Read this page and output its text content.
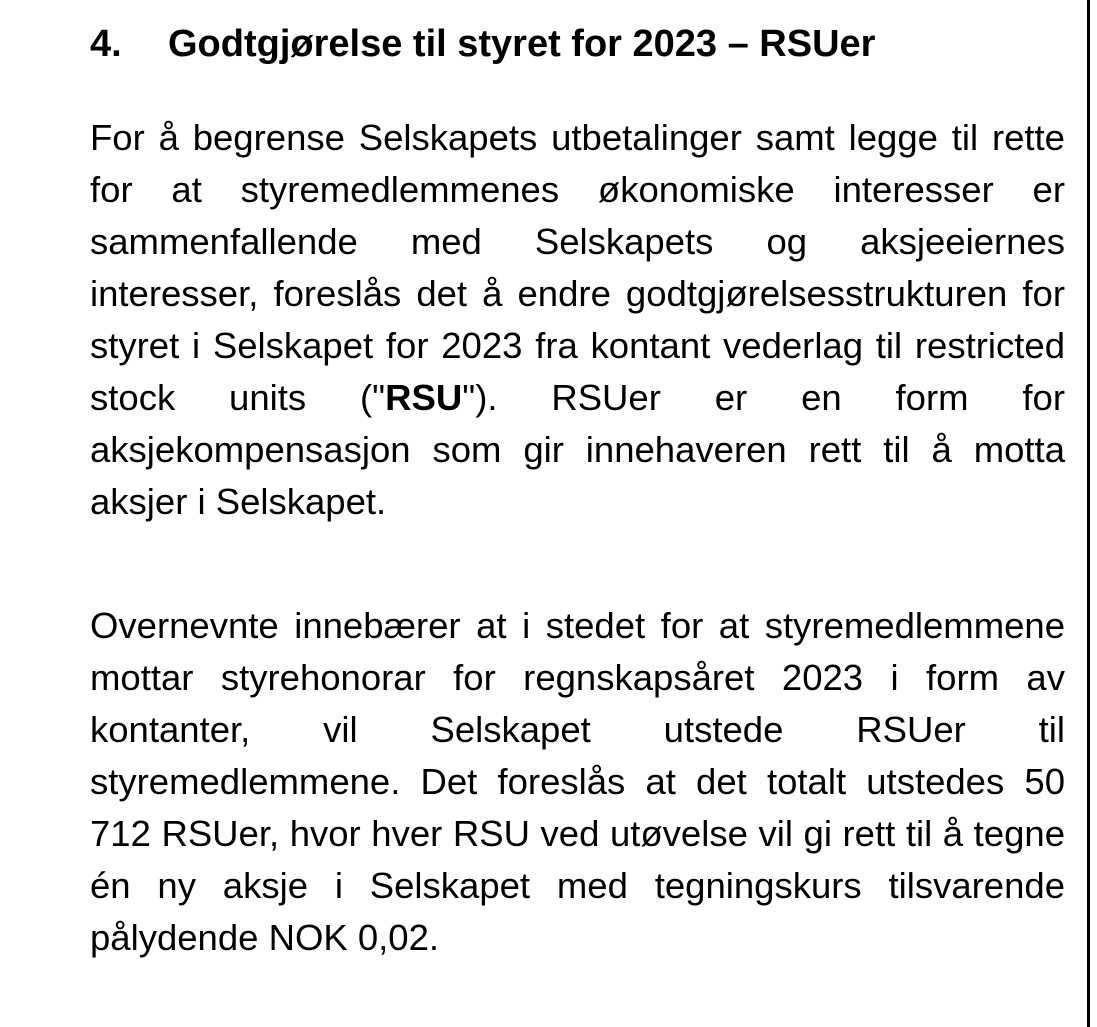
4. Godtgjørelse til styret for 2023 – RSUer

For å begrense Selskapets utbetalinger samt legge til rette for at styremedlemmenes økonomiske interesser er sammenfallende med Selskapets og aksjeeiernes interesser, foreslås det å endre godtgjørelsesstrukturen for styret i Selskapet for 2023 fra kontant vederlag til restricted stock units ("RSU"). RSUer er en form for aksjekompensasjon som gir innehaveren rett til å motta aksjer i Selskapet.

Overnevnte innebærer at i stedet for at styremedlemmene mottar styrehonorar for regnskapsåret 2023 i form av kontanter, vil Selskapet utstede RSUer til styremedlemmene. Det foreslås at det totalt utstedes 50 712 RSUer, hvor hver RSU ved utøvelse vil gi rett til å tegne én ny aksje i Selskapet med tegningskurs tilsvarende pålydende NOK 0,02.
